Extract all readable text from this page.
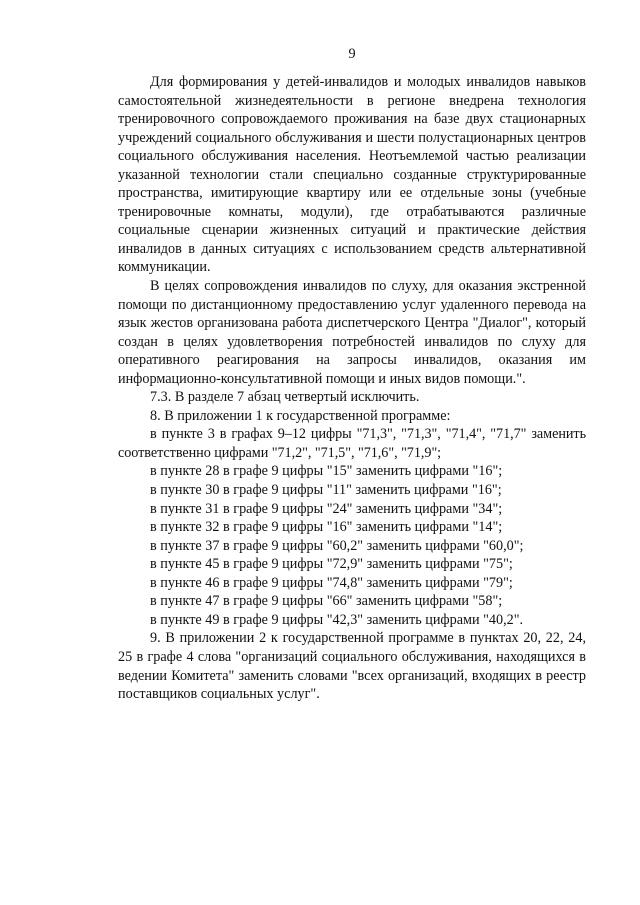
9

Для формирования у детей-инвалидов и молодых инвалидов навыков самостоятельной жизнедеятельности в регионе внедрена технология тренировочного сопровождаемого проживания на базе двух стационарных учреждений социального обслуживания и шести полустационарных центров социального обслуживания населения. Неотъемлемой частью реализации указанной технологии стали специально созданные структурированные пространства, имитирующие квартиру или ее отдельные зоны (учебные тренировочные комнаты, модули), где отрабатываются различные социальные сценарии жизненных ситуаций и практические действия инвалидов в данных ситуациях с использованием средств альтернативной коммуникации.

В целях сопровождения инвалидов по слуху, для оказания экстренной помощи по дистанционному предоставлению услуг удаленного перевода на язык жестов организована работа диспетчерского Центра "Диалог", который создан в целях удовлетворения потребностей инвалидов по слуху для оперативного реагирования на запросы инвалидов, оказания им информационно-консультативной помощи и иных видов помощи.".

7.3. В разделе 7 абзац четвертый исключить.

8. В приложении 1 к государственной программе:

в пункте 3 в графах 9–12 цифры "71,3", "71,3", "71,4", "71,7" заменить соответственно цифрами "71,2", "71,5", "71,6", "71,9";

в пункте 28 в графе 9 цифры "15" заменить цифрами "16";

в пункте 30 в графе 9 цифры "11" заменить цифрами "16";

в пункте 31 в графе 9 цифры "24" заменить цифрами "34";

в пункте 32 в графе 9 цифры "16" заменить цифрами "14";

в пункте 37 в графе 9 цифры "60,2" заменить цифрами "60,0";

в пункте 45 в графе 9 цифры "72,9" заменить цифрами "75";

в пункте 46 в графе 9 цифры "74,8" заменить цифрами "79";

в пункте 47 в графе 9 цифры "66" заменить цифрами "58";

в пункте 49 в графе 9 цифры "42,3" заменить цифрами "40,2".

9. В приложении 2 к государственной программе в пунктах 20, 22, 24, 25 в графе 4 слова "организаций социального обслуживания, находящихся в ведении Комитета" заменить словами "всех организаций, входящих в реестр поставщиков социальных услуг".
